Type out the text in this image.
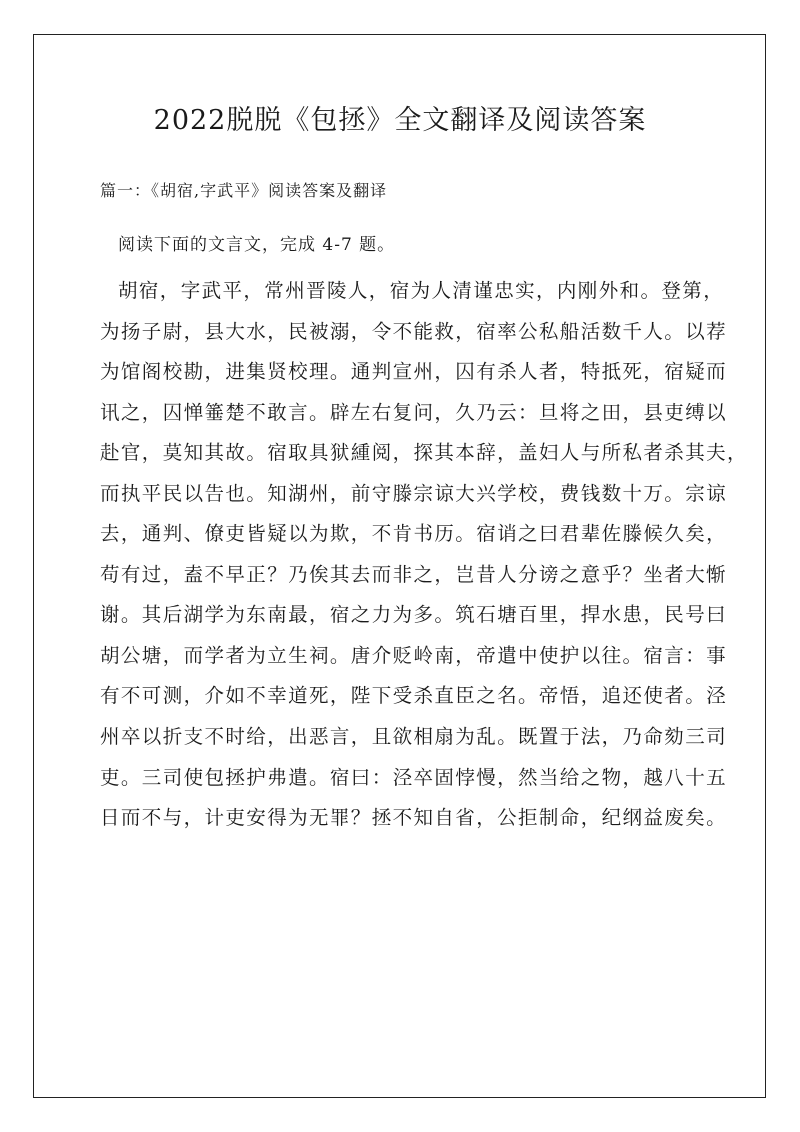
2022脱脱《包拯》全文翻译及阅读答案
篇一：《胡宿,字武平》阅读答案及翻译

阅读下面的文言文，完成 4-7 题。

胡宿，字武平，常州晋陵人，宿为人清谨忠实，内刚外和。登第，
为扬子尉，县大水，民被溺，令不能救，宿率公私船活数千人。以荐
为馆阁校勘，进集贤校理。通判宣州，囚有杀人者，特抵死，宿疑而
讯之，囚惮箠楚不敢言。辟左右复问，久乃云：旦将之田，县吏缚以
赴官，莫知其故。宿取具狱緟阅，探其本辞，盖妇人与所私者杀其夫，
而执平民以告也。知湖州，前守滕宗谅大兴学校，费钱数十万。宗谅
去，通判、僚吏皆疑以为欺，不肯书历。宿诮之曰君辈佐滕候久矣，
苟有过，盍不早正？乃俟其去而非之，岂昔人分谤之意乎？坐者大惭
谢。其后湖学为东南最，宿之力为多。筑石塘百里，捍水患，民号曰
胡公塘，而学者为立生祠。唐介贬岭南，帝遣中使护以往。宿言：事
有不可测，介如不幸道死，陛下受杀直臣之名。帝悟，追还使者。泾
州卒以折支不时给，出恶言，且欲相扇为乱。既置于法，乃命劾三司
吏。三司使包拯护弗遣。宿曰：泾卒固悖慢，然当给之物，越八十五
日而不与，计吏安得为无罪？拯不知自省，公拒制命，纪纲益废矣。
